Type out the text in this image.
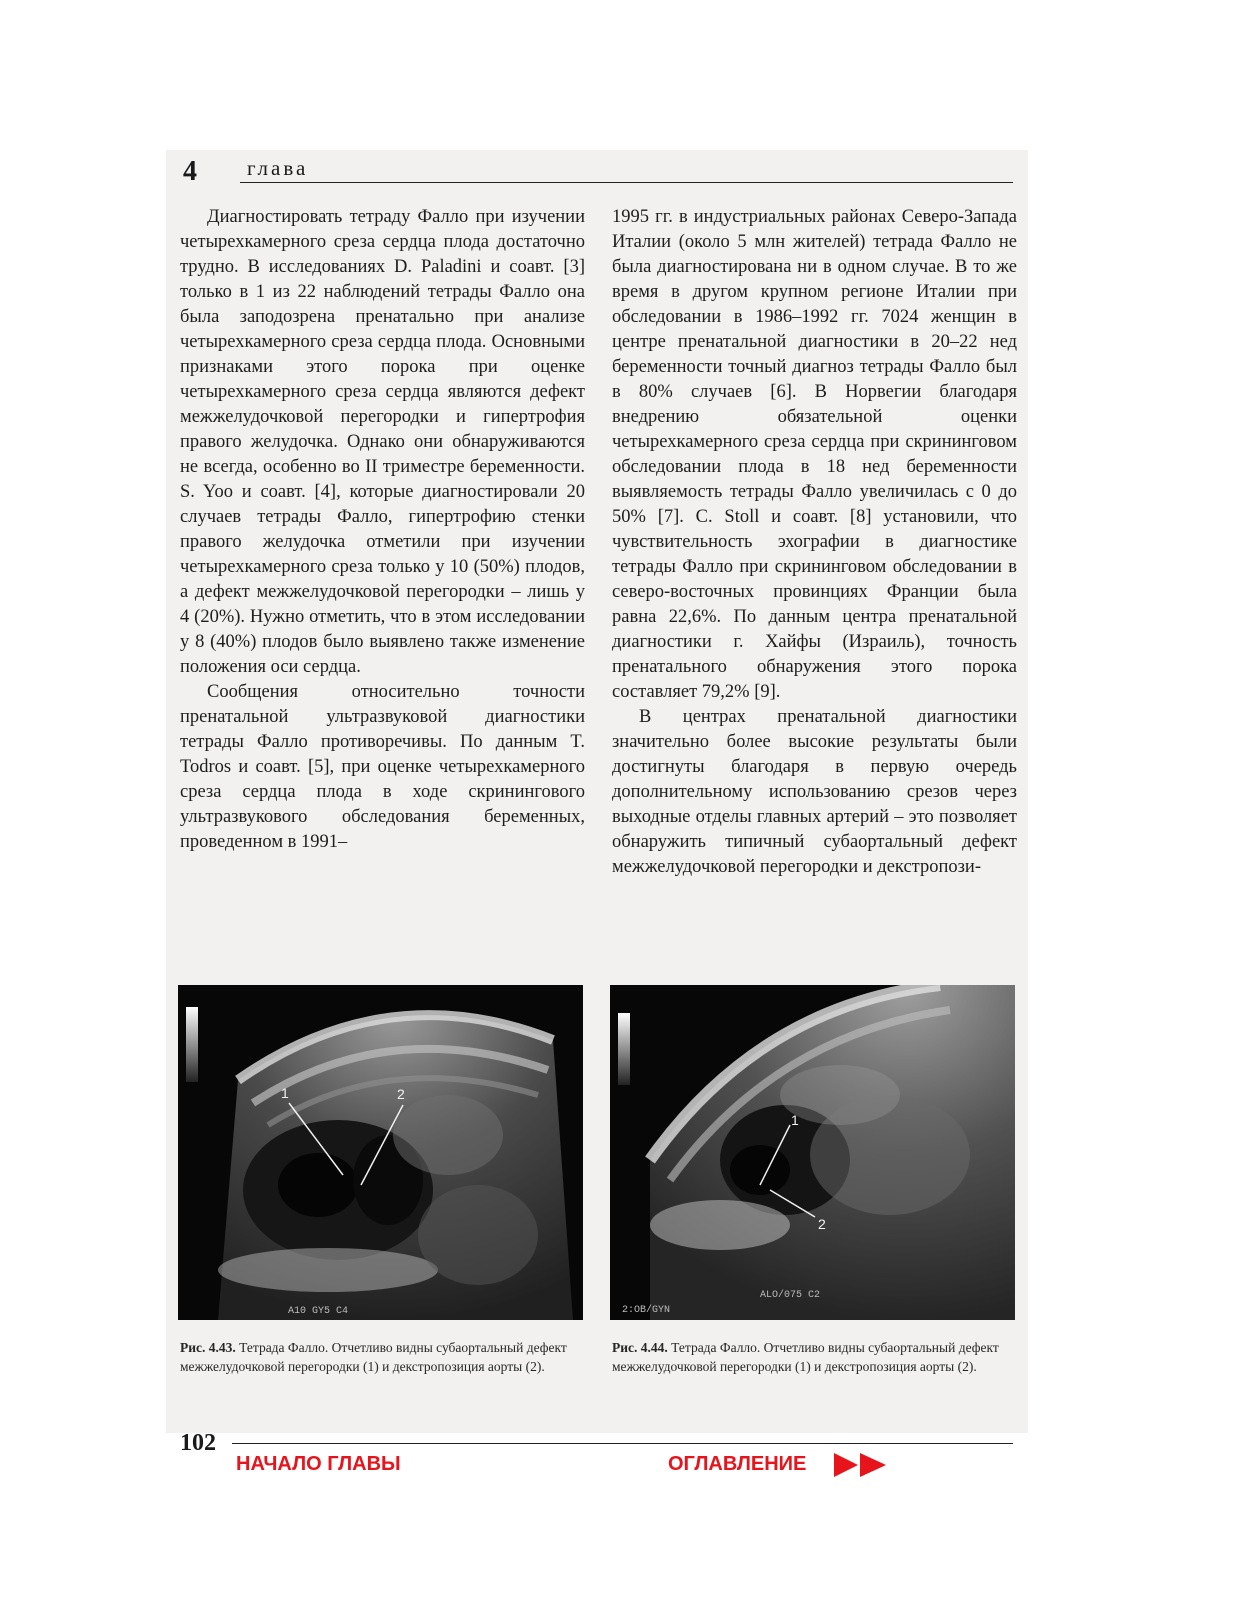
4 глава

Диагностировать тетраду Фалло при изучении четырехкамерного среза сердца плода достаточно трудно. В исследованиях D. Paladini и соавт. [3] только в 1 из 22 наблюдений тетрады Фалло она была заподозрена пренатально при анализе четырехкамерного среза сердца плода. Основными признаками этого порока при оценке четырехкамерного среза сердца являются дефект межжелудочковой перегородки и гипертрофия правого желудочка. Однако они обнаруживаются не всегда, особенно во II триместре беременности. S. Yoo и соавт. [4], которые диагностировали 20 случаев тетрады Фалло, гипертрофию стенки правого желудочка отметили при изучении четырехкамерного среза только у 10 (50%) плодов, а дефект межжелудочковой перегородки – лишь у 4 (20%). Нужно отметить, что в этом исследовании у 8 (40%) плодов было выявлено также изменение положения оси сердца.

Сообщения относительно точности пренатальной ультразвуковой диагностики тетрады Фалло противоречивы. По данным T. Todros и соавт. [5], при оценке четырехкамерного среза сердца плода в ходе скринингового ультразвукового обследования беременных, проведенном в 1991–

1995 гг. в индустриальных районах Северо-Запада Италии (около 5 млн жителей) тетрада Фалло не была диагностирована ни в одном случае. В то же время в другом крупном регионе Италии при обследовании в 1986–1992 гг. 7024 женщин в центре пренатальной диагностики в 20–22 нед беременности точный диагноз тетрады Фалло был в 80% случаев [6]. В Норвегии благодаря внедрению обязательной оценки четырехкамерного среза сердца при скрининговом обследовании плода в 18 нед беременности выявляемость тетрады Фалло увеличилась с 0 до 50% [7]. C. Stoll и соавт. [8] установили, что чувствительность эхографии в диагностике тетрады Фалло при скрининговом обследовании в северо-восточных провинциях Франции была равна 22,6%. По данным центра пренатальной диагностики г. Хайфы (Израиль), точность пренатального обнаружения этого порока составляет 79,2% [9].

В центрах пренатальной диагностики значительно более высокие результаты были достигнуты благодаря в первую очередь дополнительному использованию срезов через выходные отделы главных артерий – это позволяет обнаружить типичный субаортальный дефект межжелудочковой перегородки и декстропози-

1	2
A10 GY5 C4
1
2
ALO/075 C2
2:OB/GYN
Рис. 4.43. Тетрада Фалло. Отчетливо видны субаортальный дефект межжелудочковой перегородки (1) и декстропозиция аорты (2).
Рис. 4.44. Тетрада Фалло. Отчетливо видны субаортальный дефект межжелудочковой перегородки (1) и декстропозиция аорты (2).
102
НАЧАЛО ГЛАВЫ	ОГЛАВЛЕНИЕ
